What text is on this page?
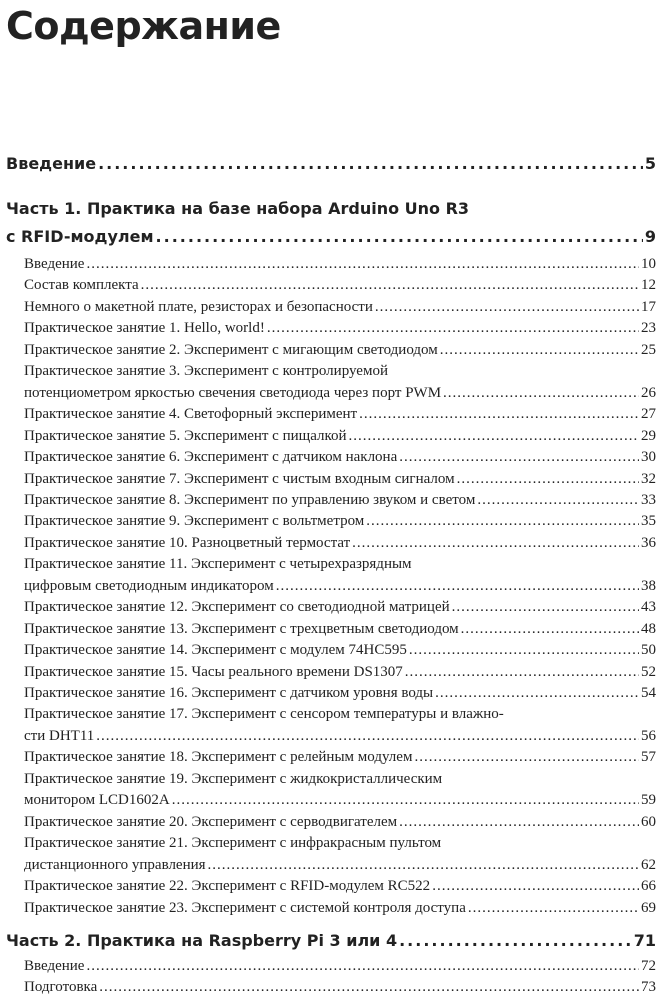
Содержание
Введение .....	5
Часть 1. Практика на базе набора Arduino Uno R3
с RFID-модулем .....	9
Введение .....	10
Состав комплекта .....	12
Немного о макетной плате, резисторах и безопасности .....	17
Практическое занятие 1. Hello, world! .....	23
Практическое занятие 2. Эксперимент с мигающим светодиодом .....	25
Практическое занятие 3. Эксперимент с контролируемой
потенциометром яркостью свечения светодиода через порт PWM .....	26
Практическое занятие 4. Светофорный эксперимент .....	27
Практическое занятие 5. Эксперимент с пищалкой .....	29
Практическое занятие 6. Эксперимент с датчиком наклона .....	30
Практическое занятие 7. Эксперимент с чистым входным сигналом .....	32
Практическое занятие 8. Эксперимент по управлению звуком и светом .....	33
Практическое занятие 9. Эксперимент с вольтметром .....	35
Практическое занятие 10. Разноцветный термостат .....	36
Практическое занятие 11. Эксперимент с четырехразрядным
цифровым светодиодным индикатором .....	38
Практическое занятие 12. Эксперимент со светодиодной матрицей .....	43
Практическое занятие 13. Эксперимент с трехцветным светодиодом .....	48
Практическое занятие 14. Эксперимент с модулем 74HC595 .....	50
Практическое занятие 15. Часы реального времени DS1307 .....	52
Практическое занятие 16. Эксперимент с датчиком уровня воды .....	54
Практическое занятие 17. Эксперимент с сенсором температуры и влажно-
сти DHT11 .....	56
Практическое занятие 18. Эксперимент с релейным модулем .....	57
Практическое занятие 19. Эксперимент с жидкокристаллическим
монитором LCD1602A .....	59
Практическое занятие 20. Эксперимент с серводвигателем .....	60
Практическое занятие 21. Эксперимент с инфракрасным пультом
дистанционного управления .....	62
Практическое занятие 22. Эксперимент с RFID-модулем RC522 .....	66
Практическое занятие 23. Эксперимент с системой контроля доступа .....	69
Часть 2. Практика на Raspberry Pi 3 или 4 .....	71
Введение .....	72
Подготовка .....	73
